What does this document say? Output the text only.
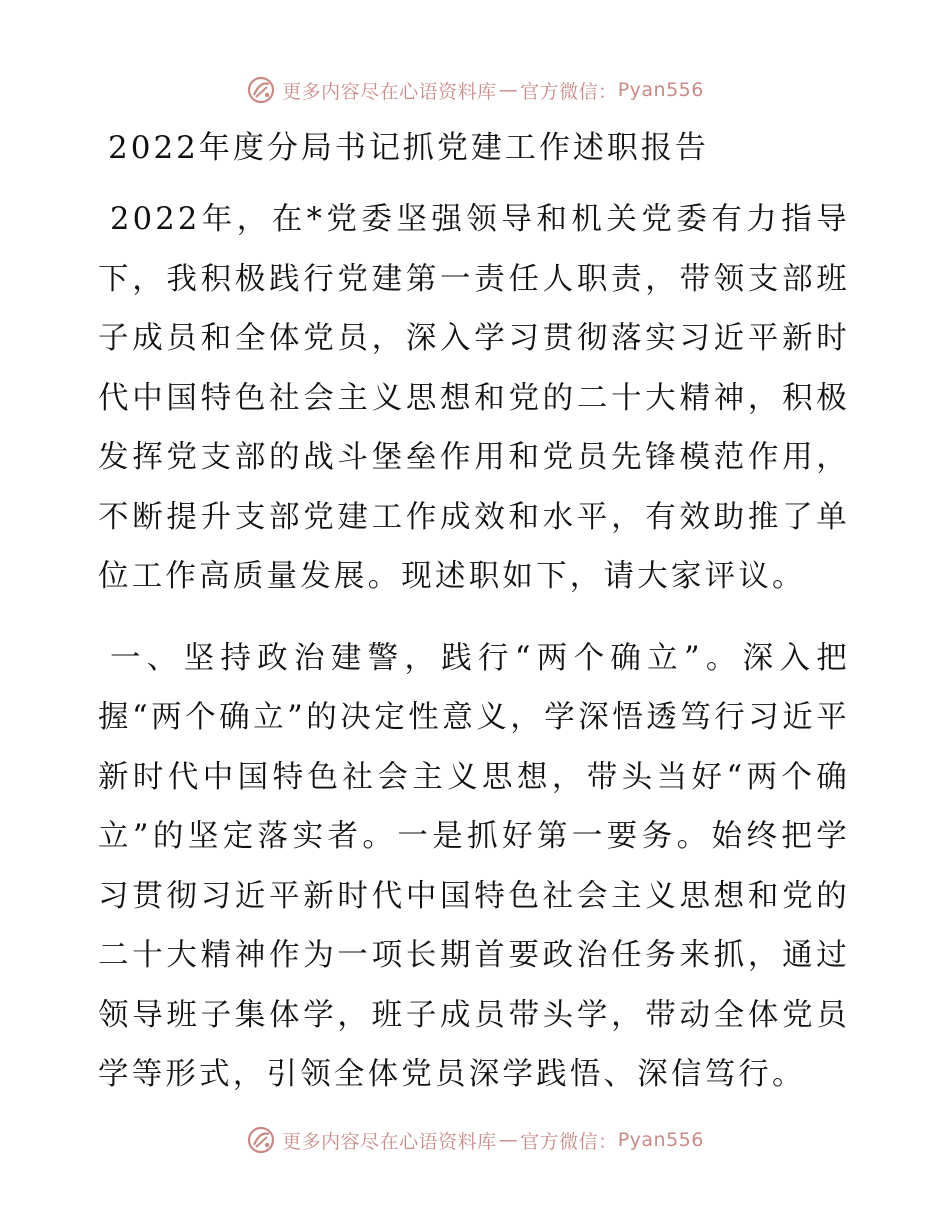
更多内容尽在心语资料库 — 官方微信： Pyan556
2022年度分局书记抓党建工作述职报告

2022年，在*党委坚强领导和机关党委有力指导下，我积极践行党建第一责任人职责，带领支部班子成员和全体党员，深入学习贯彻落实习近平新时代中国特色社会主义思想和党的二十大精神，积极发挥党支部的战斗堡垒作用和党员先锋模范作用，不断提升支部党建工作成效和水平，有效助推了单位工作高质量发展。现述职如下，请大家评议。

一、坚持政治建警，践行“两个确立”。深入把握“两个确立”的决定性意义，学深悟透笃行习近平新时代中国特色社会主义思想，带头当好“两个确立”的坚定落实者。一是抓好第一要务。始终把学习贯彻习近平新时代中国特色社会主义思想和党的二十大精神作为一项长期首要政治任务来抓，通过领导班子集体学，班子成员带头学，带动全体党员学等形式，引领全体党员深学践悟、深信笃行。

更多内容尽在心语资料库 — 官方微信： Pyan556
